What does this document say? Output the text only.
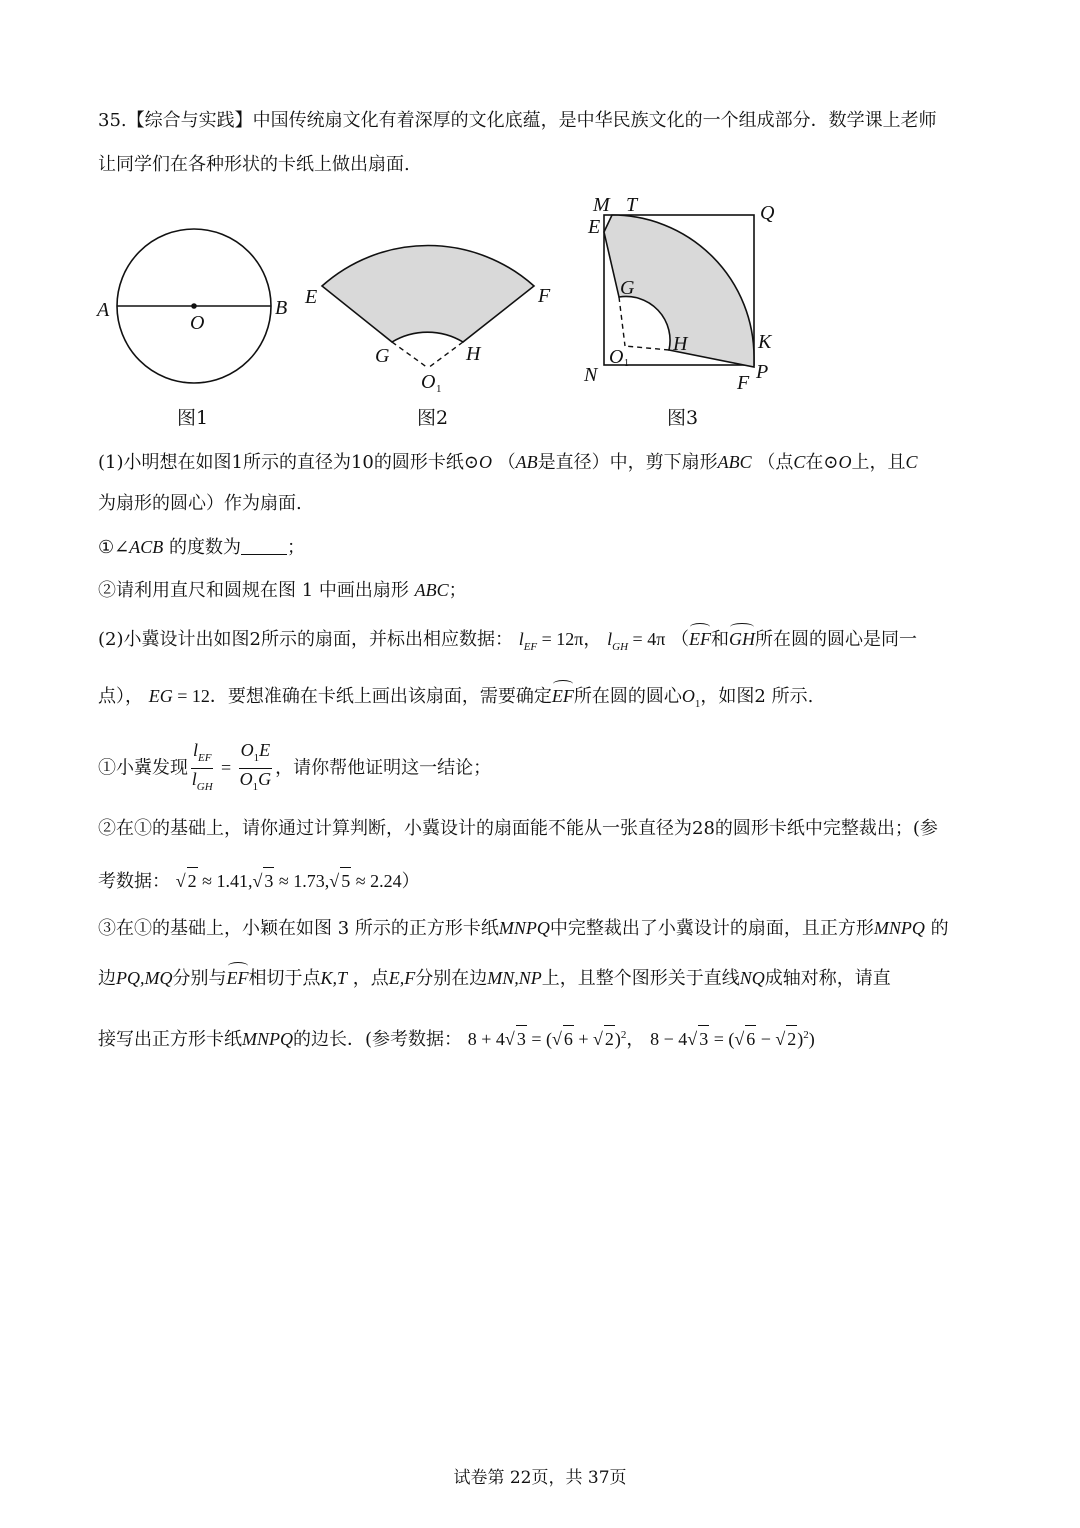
35.【综合与实践】中国传统扇文化有着深厚的文化底蕴，是中华民族文化的一个组成部分．数学课上老师
让同学们在各种形状的卡纸上做出扇面.
A	B
O
图1
E	F
G	H
O 1
图2
M T	Q
E
G
H	K
N
O 1
F P
图3
(1)小明想在如图1所示的直径为10的圆形卡纸⊙O （AB是直径）中，剪下扇形ABC （点C在⊙O上，且C
为扇形的圆心）作为扇面.
①∠ACB 的度数为	；
②请利用直尺和圆规在图 1 中画出扇形 ABC；
(2)小冀设计出如图2所示的扇面，并标出相应数据： $l_{EF} = 12\pi$， $l_{GH} = 4\pi$ （EF和GH所在圆的圆心是同一
点）， EG = 12．要想准确在卡纸上画出该扇面，需要确定EF所在圆的圆心$O_1$，如图2 所示.
①小冀发现 $\frac{l_{EF}}{l_{GH}} = \frac{O_1E}{O_1G}$ ，请你帮他证明这一结论；
②在①的基础上，请你通过计算判断，小冀设计的扇面能不能从一张直径为28的圆形卡纸中完整裁出；(参
考数据： √ 2 ≈ 1.41,√ 3 ≈ 1.73,√ 5 ≈ 2.24）
③在①的基础上，小颖在如图 3 所示的正方形卡纸MNPQ中完整裁出了小冀设计的扇面，且正方形MNPQ 的
边PQ,MQ分别与EF相切于点K,T ，点E,F分别在边MN,NP上，且整个图形关于直线NQ成轴对称，请直
接写出正方形卡纸MNPQ的边长．(参考数据： 8 + 4√ 3 = (√ 6 + √ 2)$^2$， 8 − 4√ 3 = (√ 6 − √ 2)$^2$)
试卷第 22页，共 37页
